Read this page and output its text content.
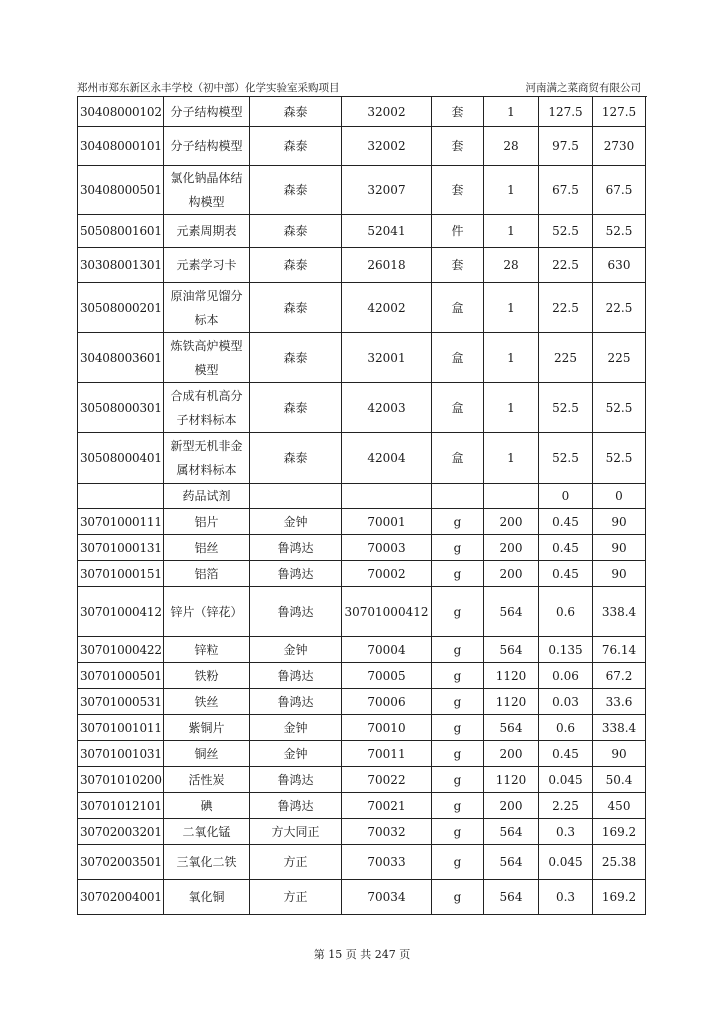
郑州市郑东新区永丰学校（初中部）化学实验室采购项目	河南满之菜商贸有限公司
30408000102	分子结构模型	森泰	32002	套	1	127.5	127.5
30408000101	分子结构模型	森泰	32002	套	28	97.5	2730
30408000501	氯化钠晶体结构模型	森泰	32007	套	1	67.5	67.5
50508001601	元素周期表	森泰	52041	件	1	52.5	52.5
30308001301	元素学习卡	森泰	26018	套	28	22.5	630
30508000201	原油常见馏分标本	森泰	42002	盒	1	22.5	22.5
30408003601	炼铁高炉模型模型	森泰	32001	盒	1	225	225
30508000301	合成有机高分子材料标本	森泰	42003	盒	1	52.5	52.5
30508000401	新型无机非金属材料标本	森泰	42004	盒	1	52.5	52.5
	药品试剂					0	0
30701000111	铝片	金钟	70001	g	200	0.45	90
30701000131	铝丝	鲁鸿达	70003	g	200	0.45	90
30701000151	铝箔	鲁鸿达	70002	g	200	0.45	90
30701000412	锌片（锌花）	鲁鸿达	30701000412	g	564	0.6	338.4
30701000422	锌粒	金钟	70004	g	564	0.135	76.14
30701000501	铁粉	鲁鸿达	70005	g	1120	0.06	67.2
30701000531	铁丝	鲁鸿达	70006	g	1120	0.03	33.6
30701001011	紫铜片	金钟	70010	g	564	0.6	338.4
30701001031	铜丝	金钟	70011	g	200	0.45	90
30701010200	活性炭	鲁鸿达	70022	g	1120	0.045	50.4
30701012101	碘	鲁鸿达	70021	g	200	2.25	450
30702003201	二氧化锰	方大同正	70032	g	564	0.3	169.2
30702003501	三氧化二铁	方正	70033	g	564	0.045	25.38
30702004001	氧化铜	方正	70034	g	564	0.3	169.2
第 15 页 共 247 页
